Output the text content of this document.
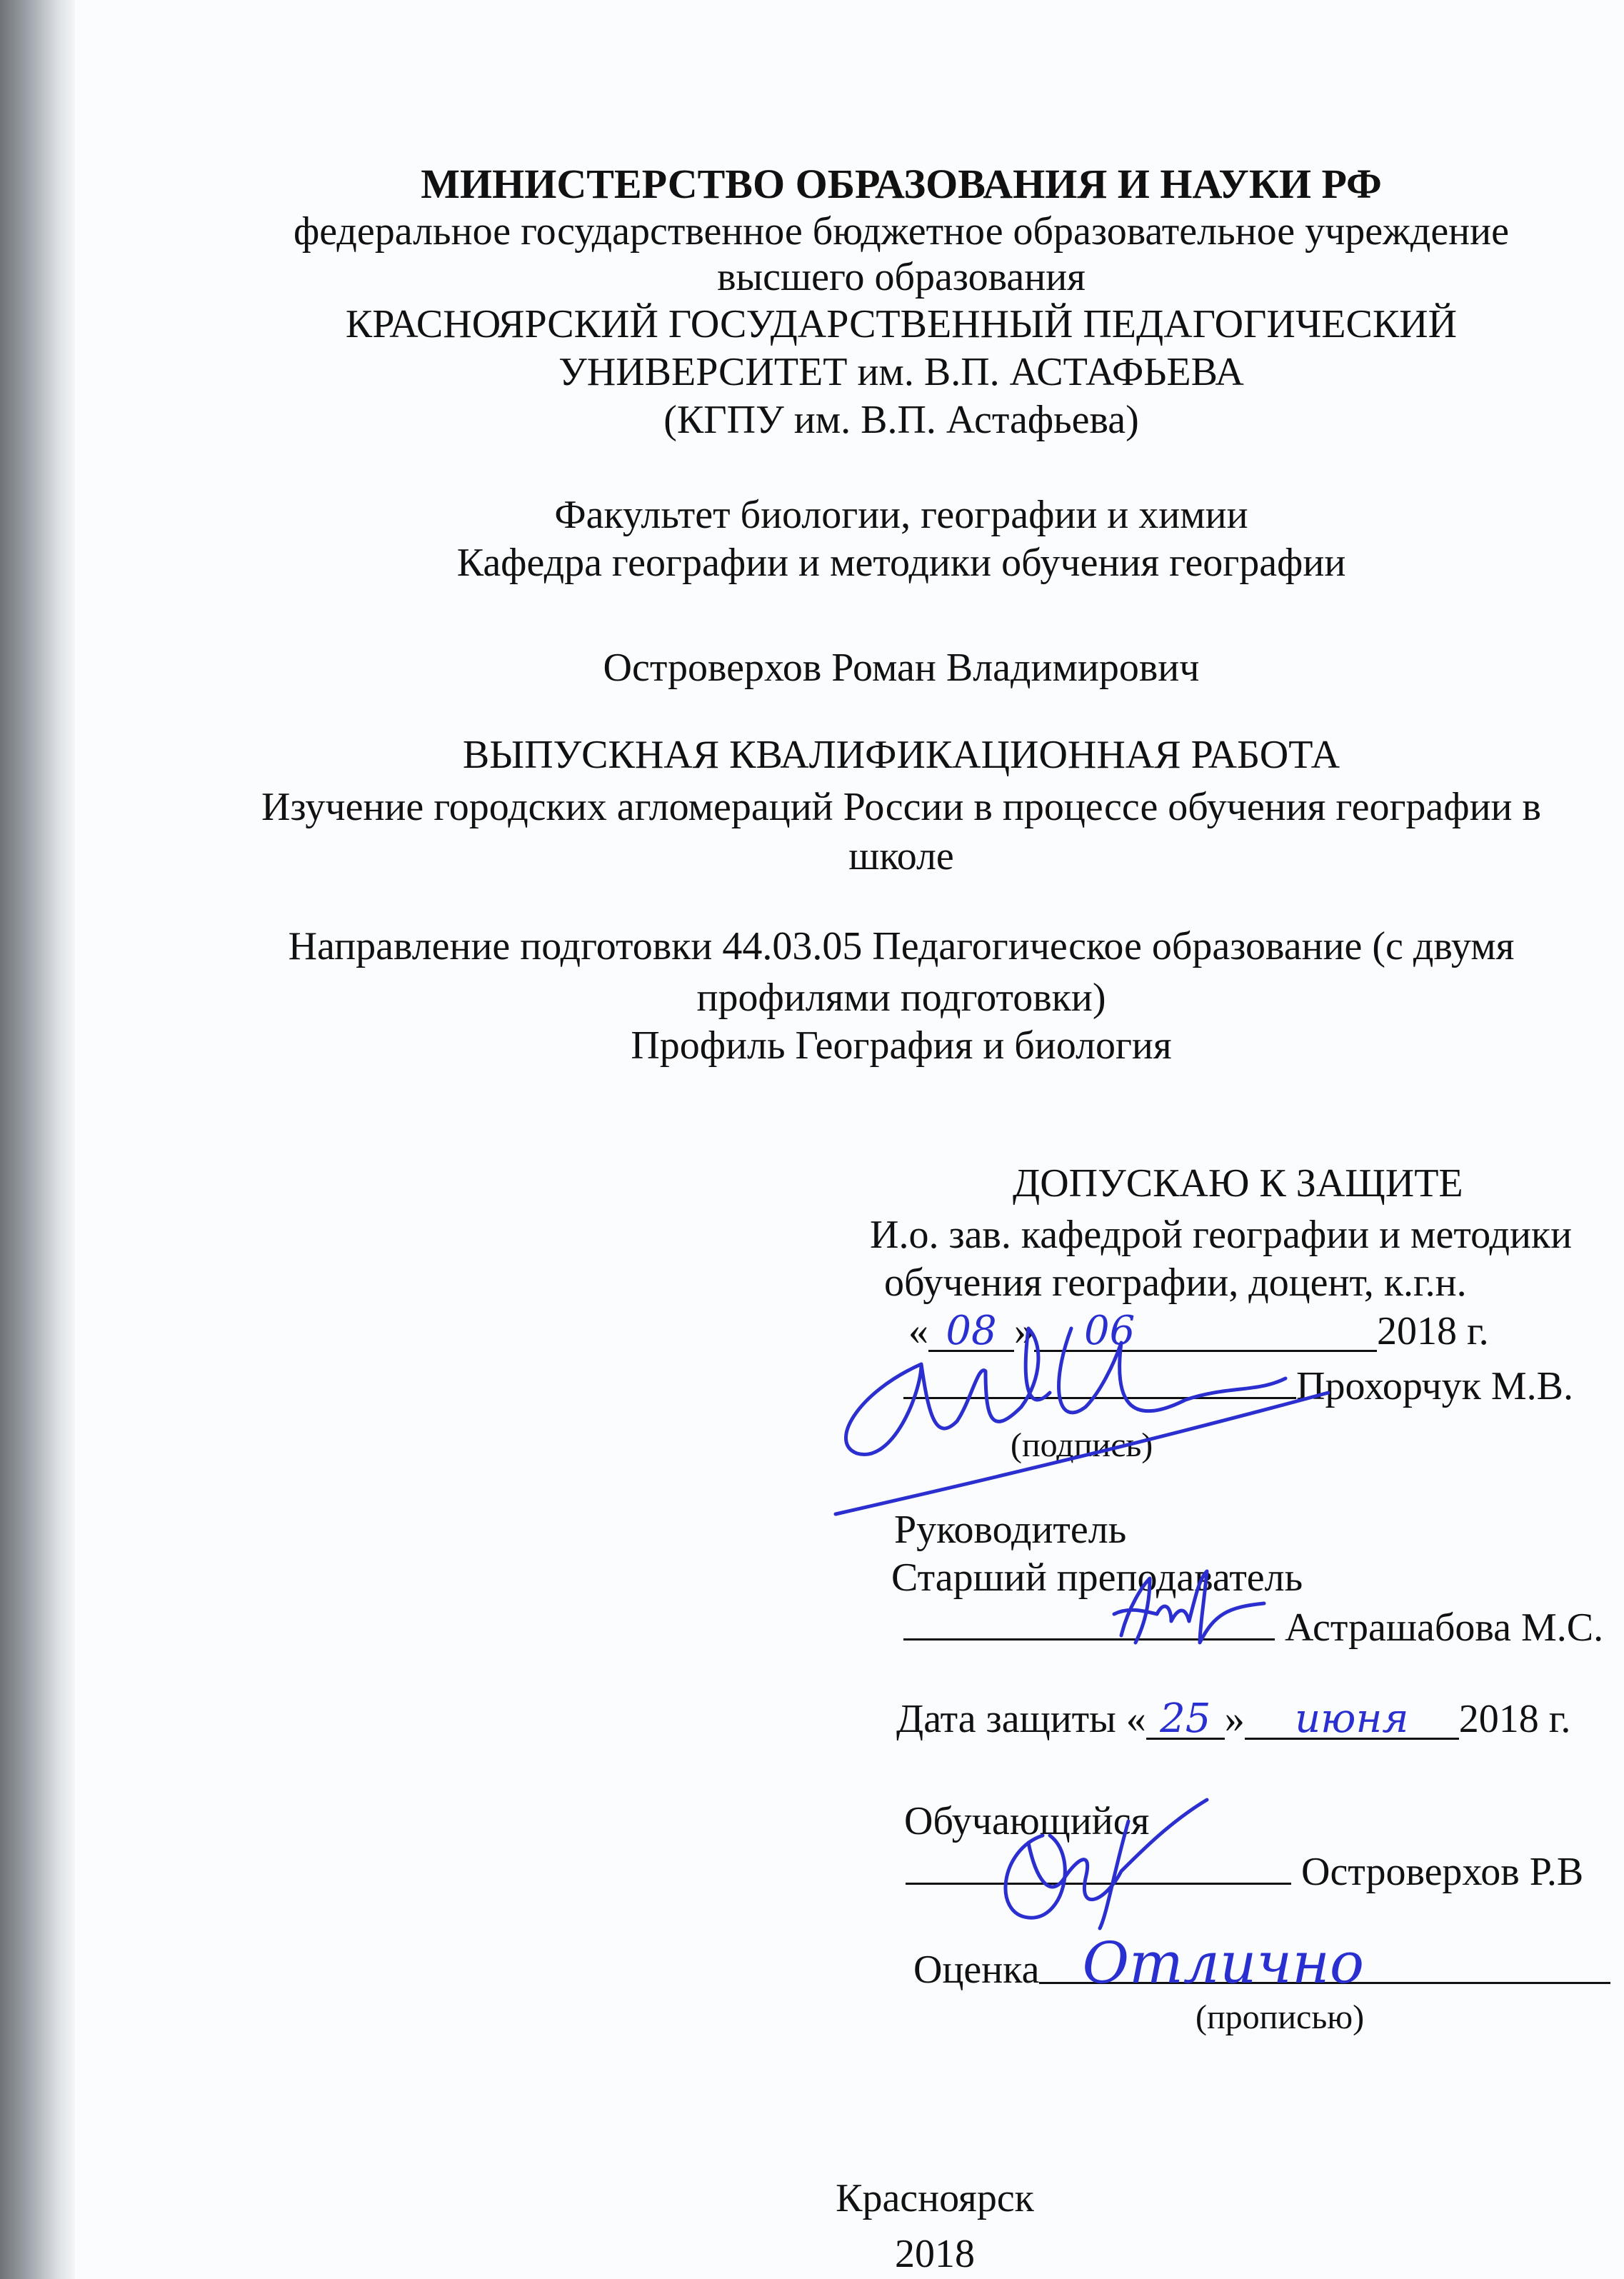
МИНИСТЕРСТВО ОБРАЗОВАНИЯ И НАУКИ РФ
федеральное государственное бюджетное образовательное учреждение
высшего образования
КРАСНОЯРСКИЙ ГОСУДАРСТВЕННЫЙ ПЕДАГОГИЧЕСКИЙ
УНИВЕРСИТЕТ им. В.П. АСТАФЬЕВА
(КГПУ им. В.П. Астафьева)
Факультет биологии, географии и химии
Кафедра географии и методики обучения географии
Островерхов Роман Владимирович
ВЫПУСКНАЯ КВАЛИФИКАЦИОННАЯ РАБОТА
Изучение городских агломераций России в процессе обучения географии в
школе
Направление подготовки 44.03.05 Педагогическое образование (с двумя
профилями подготовки)
Профиль География и биология
ДОПУСКАЮ К ЗАЩИТЕ
И.о. зав. кафедрой географии и методики
обучения географии, доцент, к.г.н.
« 08 » 06	2018 г.
Прохорчук М.В.
(подпись)
Руководитель
Старший преподаватель
Астрашабова М.С.
Дата защиты « 25 » июня 2018 г.
Обучающийся
Островерхов Р.В
Оценка Отлично
(прописью)
Красноярск
2018
